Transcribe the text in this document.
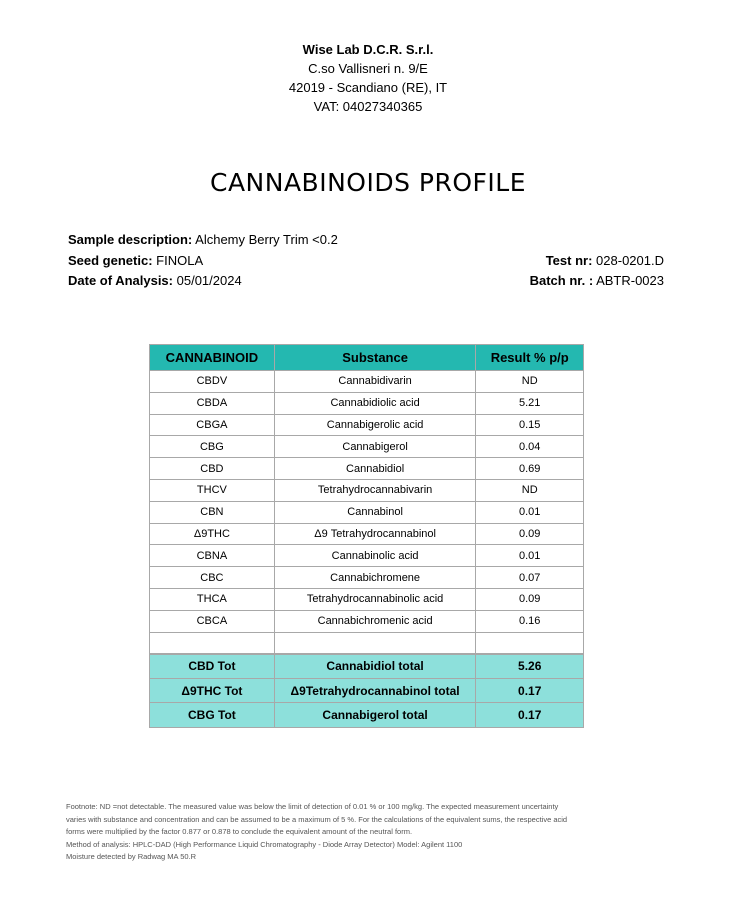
Wise Lab D.C.R. S.r.l.
C.so Vallisneri n. 9/E
42019 - Scandiano (RE), IT
VAT: 04027340365
CANNABINOIDS PROFILE
Sample description: Alchemy Berry Trim <0.2
Seed genetic: FINOLA	Test nr: 028-0201.D
Date of Analysis: 05/01/2024	Batch nr. : ABTR-0023
CANNABINOID	Substance	Result % p/p
CBDV	Cannabidivarin	ND
CBDA	Cannabidiolic acid	5.21
CBGA	Cannabigerolic acid	0.15
CBG	Cannabigerol	0.04
CBD	Cannabidiol	0.69
THCV	Tetrahydrocannabivarin	ND
CBN	Cannabinol	0.01
Δ9THC	Δ9 Tetrahydrocannabinol	0.09
CBNA	Cannabinolic acid	0.01
CBC	Cannabichromene	0.07
THCA	Tetrahydrocannabinolic acid	0.09
CBCA	Cannabichromenic acid	0.16

CBD Tot	Cannabidiol total	5.26
Δ9THC Tot	Δ9Tetrahydrocannabinol total	0.17
CBG Tot	Cannabigerol total	0.17

Footnote: ND =not detectable. The measured value was below the limit of detection of 0.01 % or 100 mg/kg. The expected measurement uncertainty

varies with substance and concentration and can be assumed to be a maximum of 5 %. For the calculations of the equivalent sums, the respective acid

forms were multiplied by the factor 0.877 or 0.878 to conclude the equivalent amount of the neutral form.

Method of analysis: HPLC-DAD (High Performance Liquid Chromatography - Diode Array Detector) Model: Agilent 1100

Moisture detected by Radwag MA 50.R
